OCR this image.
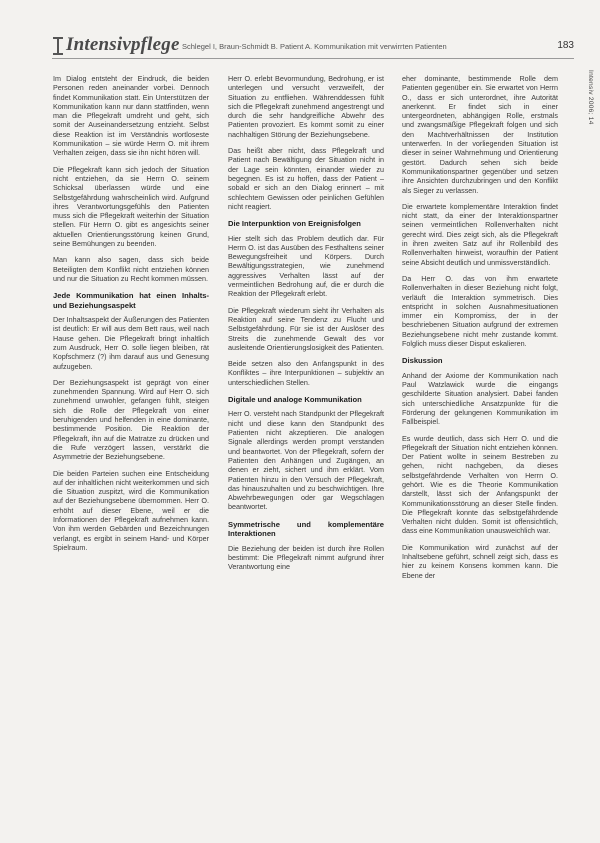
Intensivpflege Schlegel I, Braun-Schmidt B. Patient A. Kommunikation mit verwirrten Patienten	183
Intensiv 2006; 14

Im Dialog entsteht der Eindruck, die beiden Personen reden aneinander vorbei. Dennoch findet Kommunikation statt. Ein Unterstützen der Kommunikation kann nur dann stattfinden, wenn man die Pflegekraft umdreht und geht, sich somit der Auseinandersetzung entzieht. Selbst diese Reaktion ist im Verständnis wortloseste Kommunikation – sie würde Herrn O. mit ihrem Verhalten zeigen, dass sie ihn nicht hören will.

Die Pflegekraft kann sich jedoch der Situation nicht entziehen, da sie Herrn O. seinem Schicksal überlassen würde und eine Selbstgefährdung wahrscheinlich wird. Aufgrund ihres Verantwortungsgefühls den Patienten muss sich die Pflegekraft weiterhin der Situation stellen. Für Herrn O. gibt es angesichts seiner aktuellen Orientierungsstörung keinen Grund, seine Bemühungen zu beenden.

Man kann also sagen, dass sich beide Beteiligten dem Konflikt nicht entziehen können und nur die Situation zu Recht kommen müssen.

Jede Kommunikation hat einen Inhalts- und Beziehungsaspekt

Der Inhaltsaspekt der Äußerungen des Patienten ist deutlich: Er will aus dem Bett raus, weil nach Hause gehen. Die Pflegekraft bringt inhaltlich zum Ausdruck, Herr O. solle liegen bleiben, rät Kopfschmerz (?) ihm darauf aus und Genesung aufzugeben.

Der Beziehungsaspekt ist geprägt von einer zunehmenden Spannung. Wird auf Herr O. sich zunehmend unwohler, gefangen fühlt, steigen sich die Rolle der Pflegekraft von einer beruhigenden und helfenden in eine dominante, bestimmende Position. Die Reaktion der Pflegekraft, ihn auf die Matratze zu drücken und die Rufe verzögert lassen, verstärkt die Asymmetrie der Beziehungsebene.

Die beiden Parteien suchen eine Entscheidung auf der inhaltlichen nicht weiterkommen und sich die Situation zuspitzt, wird die Kommunikation auf der Beziehungsebene übernommen. Herr O. erhöht auf dieser Ebene, weil er die Informationen der Pflegekraft aufnehmen kann. Von ihm werden Gebärden und Bezeichnungen verlangt, es ergibt in seinem Hand- und Körper Spielraum.

Herr O. erlebt Bevormundung, Bedrohung, er ist unterlegen und versucht verzweifelt, der Situation zu entfliehen. Währenddessen fühlt sich die Pflegekraft zunehmend angestrengt und durch die sehr handgreifliche Abwehr des Patienten provoziert. Es kommt somit zu einer nachhaltigen Störung der Beziehungsebene.

Das heißt aber nicht, dass Pflegekraft und Patient nach Bewältigung der Situation nicht in der Lage sein könnten, einander wieder zu begegnen. Es ist zu hoffen, dass der Patient – sobald er sich an den Dialog erinnert – mit schlechtem Gewissen oder peinlichen Gefühlen nicht reagiert.

Die Interpunktion von Ereignisfolgen

Hier stellt sich das Problem deutlich dar. Für Herrn O. ist das Ausüben des Festhaltens seiner Bewegungsfreiheit und Körpers. Durch Bewältigungsstrategien, wie zunehmend aggressives Verhalten lässt auf der vermeintlichen Bedrohung auf, die er durch die Reaktion der Pflegekraft erlebt.

Die Pflegekraft wiederum sieht ihr Verhalten als Reaktion auf seine Tendenz zu Flucht und Selbstgefährdung. Für sie ist der Auslöser des Streits die zunehmende Gewalt des vor ausleitende Orientierungslosigkeit des Patienten.

Beide setzen also den Anfangspunkt in des Konfliktes – ihre Interpunktionen – subjektiv an unterschiedlichen Stellen.

Digitale und analoge Kommunikation

Herr O. versteht nach Standpunkt der Pflegekraft nicht und diese kann den Standpunkt des Patienten nicht akzeptieren. Die analogen Signale allerdings werden prompt verstanden und beantwortet. Von der Pflegekraft, sofern der Patienten den Anhängen und Zugängen, an denen er zieht, sichert und ihm erklärt. Vom Patienten hinzu in den Versuch der Pflegekraft, das hinauszuhalten und zu beschwichtigen. Ihre Abwehrbewegungen oder gar Wegschlagen beantwortet.

Symmetrische und komplementäre Interaktionen

Die Beziehung der beiden ist durch ihre Rollen bestimmt: Die Pflegekraft nimmt aufgrund ihrer Verantwortung eine

eher dominante, bestimmende Rolle dem Patienten gegenüber ein. Sie erwartet von Herrn O., dass er sich unterordnet, ihre Autorität anerkennt. Er findet sich in einer untergeordneten, abhängigen Rolle, erstmals und zwangsmäßige Pflegekraft folgen und sich den Machtverhältnissen der Institution unterwerfen. In der vorliegenden Situation ist dieser in seiner Wahrnehmung und Orientierung gestört. Dadurch sehen sich beide Kommunikationspartner gegenüber und setzen ihre Ansichten durchzubringen und den Konflikt als Sieger zu verlassen.

Die erwartete komplementäre Interaktion findet nicht statt, da einer der Interaktionspartner seinen vermeintlichen Rollenverhalten nicht gerecht wird. Dies zeigt sich, als die Pflegekraft in ihren zweiten Satz auf ihr Rollenbild des Rollenverhalten hinweist, woraufhin der Patient seine Absicht deutlich und unmissverständlich.

Da Herr O. das von ihm erwartete Rollenverhalten in dieser Beziehung nicht folgt, verläuft die Interaktion symmetrisch. Dies entspricht in solchen Ausnahmesituationen immer ein Kompromiss, der in der beschriebenen Situation aufgrund der extremen Beziehungsebene nicht mehr zustande kommt. Folglich muss dieser Disput eskalieren.

Diskussion

Anhand der Axiome der Kommunikation nach Paul Watzlawick wurde die eingangs geschilderte Situation analysiert. Dabei fanden sich unterschiedliche Ansatzpunkte für die Förderung der gelungenen Kommunikation im Fallbeispiel.

Es wurde deutlich, dass sich Herr O. und die Pflegekraft der Situation nicht entziehen können. Der Patient wollte in seinem Bestreben zu gehen, nicht nachgeben, da dieses selbstgefährdende Verhalten von Herrn O. gehört. Wie es die Theorie Kommunikation darstellt, lässt sich der Anfangspunkt der Kommunikationsstörung an dieser Stelle finden. Die Pflegekraft konnte das selbstgefährdende Verhalten nicht dulden. Somit ist offensichtlich, dass eine Kommunikation unausweichlich war.

Die Kommunikation wird zunächst auf der Inhaltsebene geführt, schnell zeigt sich, dass es hier zu keinem Konsens kommen kann. Die Ebene der
